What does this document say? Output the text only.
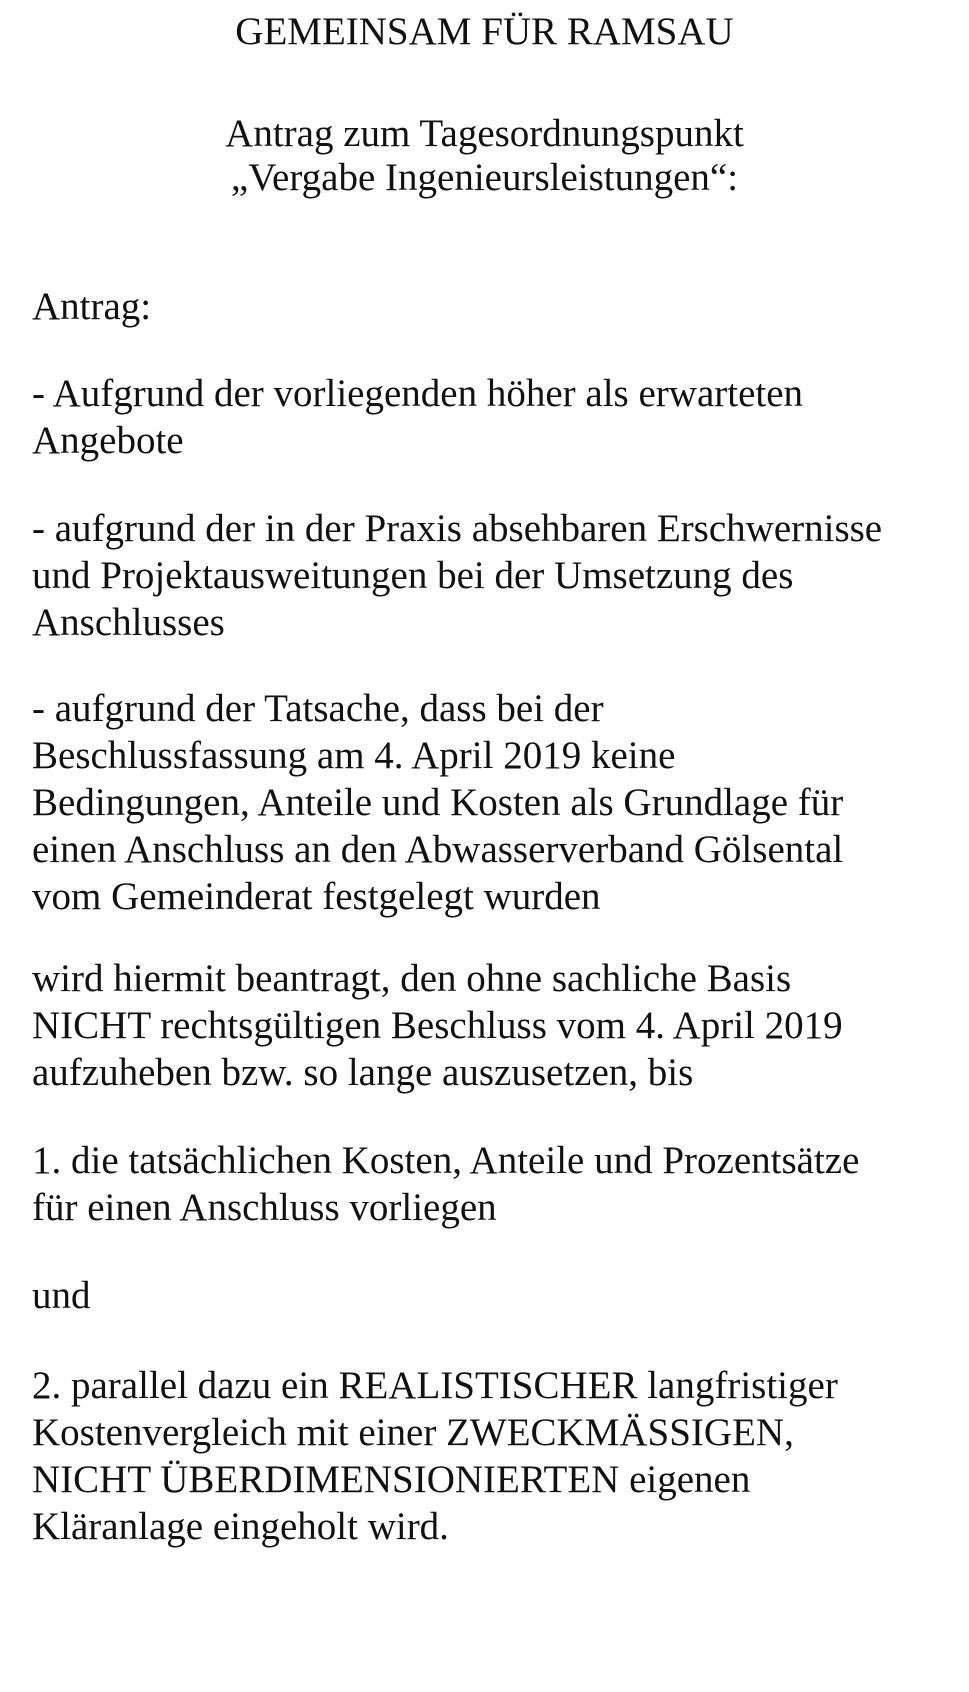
GEMEINSAM FÜR RAMSAU
Antrag zum Tagesordnungspunkt
„Vergabe Ingenieursleistungen“:
Antrag:
- Aufgrund der vorliegenden höher als erwarteten
Angebote
- aufgrund der in der Praxis absehbaren Erschwernisse
und Projektausweitungen bei der Umsetzung des
Anschlusses
- aufgrund der Tatsache, dass bei der
Beschlussfassung am 4. April 2019 keine
Bedingungen, Anteile und Kosten als Grundlage für
einen Anschluss an den Abwasserverband Gölsental
vom Gemeinderat festgelegt wurden
wird hiermit beantragt, den ohne sachliche Basis
NICHT rechtsgültigen Beschluss vom 4. April 2019
aufzuheben bzw. so lange auszusetzen, bis
1. die tatsächlichen Kosten, Anteile und Prozentsätze
für einen Anschluss vorliegen
und
2. parallel dazu ein REALISTISCHER langfristiger
Kostenvergleich mit einer ZWECKMÄSSIGEN,
NICHT ÜBERDIMENSIONIERTEN eigenen
Kläranlage eingeholt wird.
